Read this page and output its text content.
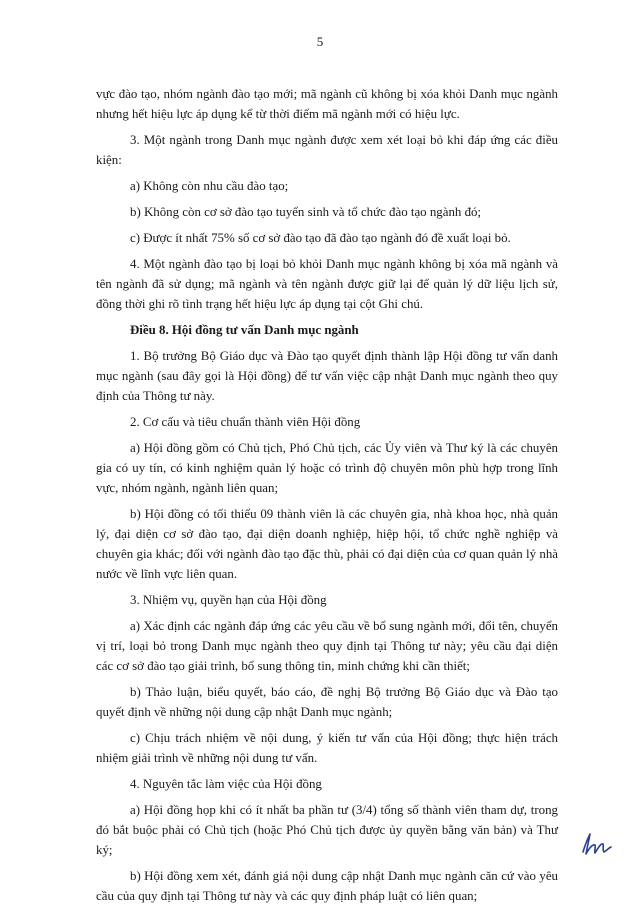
5

vực đào tạo, nhóm ngành đào tạo mới; mã ngành cũ không bị xóa khỏi Danh mục ngành nhưng hết hiệu lực áp dụng kể từ thời điểm mã ngành mới có hiệu lực.

3. Một ngành trong Danh mục ngành được xem xét loại bỏ khi đáp ứng các điều kiện:

a) Không còn nhu cầu đào tạo;

b) Không còn cơ sở đào tạo tuyển sinh và tổ chức đào tạo ngành đó;

c) Được ít nhất 75% số cơ sở đào tạo đã đào tạo ngành đó đề xuất loại bỏ.

4. Một ngành đào tạo bị loại bỏ khỏi Danh mục ngành không bị xóa mã ngành và tên ngành đã sử dụng; mã ngành và tên ngành được giữ lại để quản lý dữ liệu lịch sử, đồng thời ghi rõ tình trạng hết hiệu lực áp dụng tại cột Ghi chú.

Điều 8. Hội đồng tư vấn Danh mục ngành

1. Bộ trưởng Bộ Giáo dục và Đào tạo quyết định thành lập Hội đồng tư vấn danh mục ngành (sau đây gọi là Hội đồng) để tư vấn việc cập nhật Danh mục ngành theo quy định của Thông tư này.

2. Cơ cấu và tiêu chuẩn thành viên Hội đồng

a) Hội đồng gồm có Chủ tịch, Phó Chủ tịch, các Ủy viên và Thư ký là các chuyên gia có uy tín, có kinh nghiệm quản lý hoặc có trình độ chuyên môn phù hợp trong lĩnh vực, nhóm ngành, ngành liên quan;

b) Hội đồng có tối thiểu 09 thành viên là các chuyên gia, nhà khoa học, nhà quản lý, đại diện cơ sở đào tạo, đại diện doanh nghiệp, hiệp hội, tổ chức nghề nghiệp và chuyên gia khác; đối với ngành đào tạo đặc thù, phải có đại diện của cơ quan quản lý nhà nước về lĩnh vực liên quan.

3. Nhiệm vụ, quyền hạn của Hội đồng

a) Xác định các ngành đáp ứng các yêu cầu về bổ sung ngành mới, đổi tên, chuyển vị trí, loại bỏ trong Danh mục ngành theo quy định tại Thông tư này; yêu cầu đại diện các cơ sở đào tạo giải trình, bổ sung thông tin, minh chứng khi cần thiết;

b) Thảo luận, biểu quyết, báo cáo, đề nghị Bộ trưởng Bộ Giáo dục và Đào tạo quyết định về những nội dung cập nhật Danh mục ngành;

c) Chịu trách nhiệm về nội dung, ý kiến tư vấn của Hội đồng; thực hiện trách nhiệm giải trình về những nội dung tư vấn.

4. Nguyên tắc làm việc của Hội đồng

a) Hội đồng họp khi có ít nhất ba phần tư (3/4) tổng số thành viên tham dự, trong đó bắt buộc phải có Chủ tịch (hoặc Phó Chủ tịch được ủy quyền bằng văn bản) và Thư ký;

b) Hội đồng xem xét, đánh giá nội dung cập nhật Danh mục ngành căn cứ vào yêu cầu của quy định tại Thông tư này và các quy định pháp luật có liên quan;
